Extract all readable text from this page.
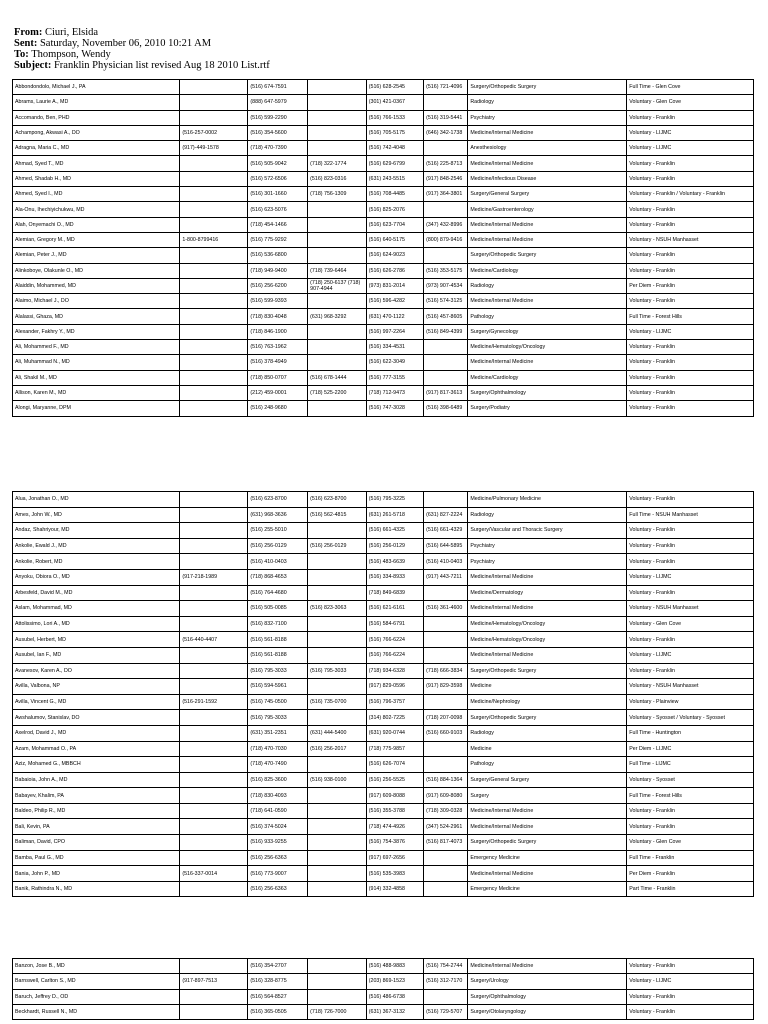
From: Ciuri, Elsida
Sent: Saturday, November 06, 2010 10:21 AM
To: Thompson, Wendy
Subject: Franklin Physician list revised Aug 18 2010 List.rtf
Abbondondolo, Michael J., PA		(516) 674-7591		(516) 628-2545	(516) 721-4096	Surgery/Orthopedic Surgery	Full Time - Glen Cove
Abrams, Laurie A., MD		(888) 647-5979		(301) 421-0367		Radiology	Voluntary - Glen Cove
Accomando, Ben, PHD		(516) 599-2290		(516) 766-1533	(516) 319-5441	Psychiatry	Voluntary - Franklin
Achampong, Akwasi A., DO	(516-257-0002	(516) 354-5600		(516) 705-5175	(646) 342-1738	Medicine/Internal Medicine	Voluntary - LIJMC
Adragna, Maria C., MD	(917)-449-1578	(718) 470-7390		(516) 742-4048		Anesthesiology	Voluntary - LIJMC
Ahmad, Syed T., MD		(516) 505-9042	(718) 322-1774	(516) 629-6799	(516) 225-8713	Medicine/Internal Medicine	Voluntary - Franklin
Ahmed, Shadab H., MD		(516) 572-6506	(516) 823-0316	(631) 243-5515	(917) 848-2546	Medicine/Infectious Disease	Voluntary - Franklin
Ahmed, Syed I., MD		(516) 301-1660	(718) 756-1309	(516) 708-4485	(917) 364-3801	Surgery/General Surgery	Voluntary - Franklin / Voluntary - Franklin
Ala-Onu, Ihechiyichukwu, MD		(516) 623-5076		(516) 825-2076		Medicine/Gastroenterology	Voluntary - Franklin
Alah, Onyemachi O., MD		(718) 454-1466		(516) 623-7704	(347) 432-8996	Medicine/Internal Medicine	Voluntary - Franklin
Alemian, Gregory M., MD	1-800-8799416	(516) 775-9292		(516) 640-5175	(800) 879-9416	Medicine/Internal Medicine	Voluntary - NSUH Manhasset
Alemian, Peter J., MD		(516) 536-6800		(516) 624-9023		Surgery/Orthopedic Surgery	Voluntary - Franklin
Alinkoboye, Olakunle O., MD		(718) 949-9400	(718) 739-6464	(516) 626-2786	(516) 353-5175	Medicine/Cardiology	Voluntary - Franklin
Alaiddin, Mohammed, MD		(516) 256-6200	(718) 250-6137 (718) 907-4944	(973) 831-2014	(973) 907-4534	Radiology	Per Diem - Franklin
Alaimo, Michael J., DO		(516) 599-9393		(516) 596-4282	(516) 574-3125	Medicine/Internal Medicine	Voluntary - Franklin
Alalassi, Ghaza, MD		(718) 830-4048	(631) 968-3292	(631) 470-1122	(516) 457-8605	Pathology	Full Time - Forest Hills
Alexander, Fakhry Y., MD		(718) 846-1900		(516) 997-2264	(516) 849-4399	Surgery/Gynecology	Voluntary - LIJMC
Ali, Mohammed F., MD		(516) 763-1962		(516) 334-4531		Medicine/Hematology/Oncology	Voluntary - Franklin
Ali, Muhammad N., MD		(516) 378-4949		(516) 622-3049		Medicine/Internal Medicine	Voluntary - Franklin
Ali, Shakil M., MD		(718) 850-0707	(516) 678-1444	(516) 777-3155		Medicine/Cardiology	Voluntary - Franklin
Allison, Karen M., MD		(212) 459-0001	(718) 525-2200	(718) 712-9473	(917) 817-3613	Surgery/Ophthalmology	Voluntary - Franklin
Alongi, Maryanne, DPM		(516) 248-9680		(516) 747-3028	(516) 398-6489	Surgery/Podiatry	Voluntary - Franklin
Alua, Jonathan O., MD		(516) 623-8700	(516) 623-8700	(516) 795-3225		Medicine/Pulmonary Medicine	Voluntary - Franklin
Ames, John W., MD		(631) 968-3636	(516) 562-4815	(631) 261-5718	(631) 827-2224	Radiology	Full Time - NSUH Manhasset
Andaz, Shahriyour, MD		(516) 255-5010		(516) 661-4325	(516) 661-4329	Surgery/Vascular and Thoracic Surgery	Voluntary - Franklin
Ankolie, Ewald J., MD		(516) 256-0129	(516) 256-0129	(516) 256-0129	(516) 644-5895	Psychiatry	Voluntary - Franklin
Ankolie, Robert, MD		(516) 410-0403		(516) 483-6639	(516) 410-0403	Psychiatry	Voluntary - Franklin
Anyoku, Obiora O., MD	(917-218-1989	(718) 868-4653		(516) 334-8933	(917) 443-7211	Medicine/Internal Medicine	Voluntary - LIJMC
Arbesfeld, David M., MD		(516) 764-4680		(718) 849-6839		Medicine/Dermatology	Voluntary - Franklin
Aslam, Mohammad, MD		(516) 505-0085	(516) 823-3063	(516) 621-6161	(516) 361-4600	Medicine/Internal Medicine	Voluntary - NSUH Manhasset
Attolissimo, Lori A., MD		(516) 832-7100		(516) 584-6791		Medicine/Hematology/Oncology	Voluntary - Glen Cove
Ausubel, Herbert, MD	(516-440-4407	(516) 561-8188		(516) 766-6224		Medicine/Hematology/Oncology	Voluntary - Franklin
Ausubel, Ian F., MD		(516) 561-8188		(516) 766-6224		Medicine/Internal Medicine	Voluntary - LIJMC
Avanesov, Karen A., DO		(516) 795-3033	(516) 795-3033	(718) 934-6328	(718) 666-3834	Surgery/Orthopedic Surgery	Voluntary - Franklin
Avilla, Valbona, NP		(516) 594-5961		(917) 829-0596	(917) 829-3598	Medicine	Voluntary - NSUH Manhasset
Avilla, Vincent G., MD	(516-291-1592	(516) 745-0500	(516) 735-0700	(516) 796-3757		Medicine/Nephrology	Voluntary - Plainview
Awshalumov, Stanislav, DO		(516) 795-3033		(314) 802-7225	(718) 207-0098	Surgery/Orthopedic Surgery	Voluntary - Syosset / Voluntary - Syosset
Axelrod, David J., MD		(631) 351-2351	(631) 444-5400	(631) 920-0744	(516) 660-9103	Radiology	Full Time - Huntington
Azam, Mohammad O., PA		(718) 470-7030	(516) 256-2017	(718) 775-9857		Medicine	Per Diem - LIJMC
Aziz, Mohamed G., MBBCH		(718) 470-7490		(516) 626-7074		Pathology	Full Time - LIJMC
Babaioia, John A., MD		(516) 825-3600	(516) 938-0100	(516) 256-5525	(516) 884-1364	Surgery/General Surgery	Voluntary - Syosset
Babayev, Khalim, PA		(718) 830-4093		(917) 609-8088	(917) 609-8080	Surgery	Full Time - Forest Hills
Baldeo, Philip R., MD		(718) 641-0590		(516) 355-3788	(718) 309-0328	Medicine/Internal Medicine	Voluntary - Franklin
Bali, Kevin, PA		(516) 374-5024		(718) 474-4926	(347) 524-2961	Medicine/Internal Medicine	Voluntary - Franklin
Baliman, David, CPO		(516) 933-9255		(516) 754-3876	(516) 817-4073	Surgery/Orthopedic Surgery	Voluntary - Glen Cove
Bamba, Paul G., MD		(516) 256-6363		(917) 697-2656		Emergency Medicine	Full Time - Franklin
Bania, John P., MD	(516-337-0014	(516) 773-9007		(516) 535-3983		Medicine/Internal Medicine	Per Diem - Franklin
Banik, Rathindra N., MD		(516) 256-6363		(914) 332-4858		Emergency Medicine	Part Time - Franklin
Banzon, Jose B., MD		(516) 354-2707		(516) 488-9883	(516) 754-2744	Medicine/Internal Medicine	Voluntary - Franklin
Barnswell, Carlton S., MD	(917-897-7513	(516) 328-8775		(203) 869-1523	(516) 312-7170	Surgery/Urology	Voluntary - LIJMC
Baruch, Jeffrey D., OD		(516) 564-8527		(516) 486-6738		Surgery/Ophthalmology	Voluntary - Franklin
Beckhardt, Russell N., MD		(516) 365-0505	(718) 726-7000	(631) 367-3132	(516) 729-5707	Surgery/Otolaryngology	Voluntary - Franklin
